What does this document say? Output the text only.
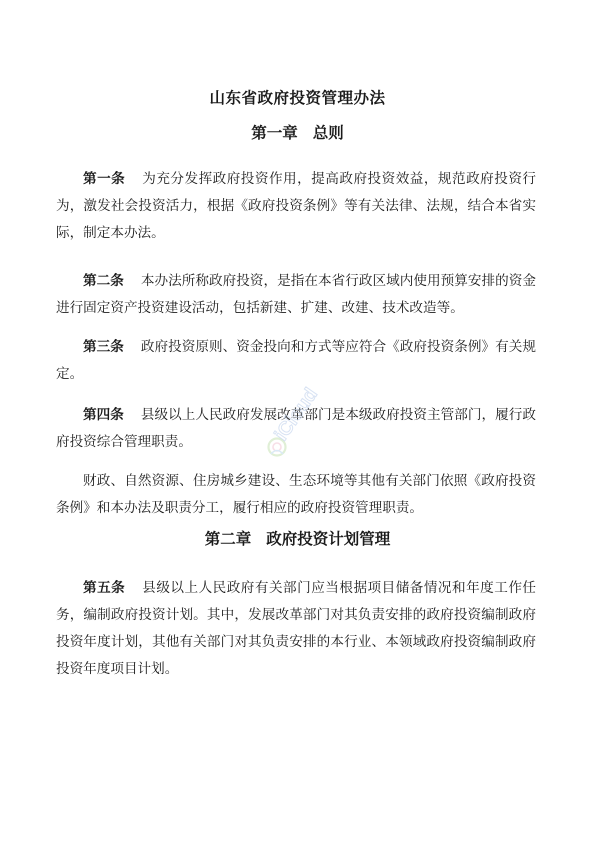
山东省政府投资管理办法
第一章 总则

第一条 为充分发挥政府投资作用，提高政府投资效益，规范政府投资行为，激发社会投资活力，根据《政府投资条例》等有关法律、法规，结合本省实际，制定本办法。

第二条 本办法所称政府投资，是指在本省行政区域内使用预算安排的资金进行固定资产投资建设活动，包括新建、扩建、改建、技术改造等。

第三条 政府投资原则、资金投向和方式等应符合《政府投资条例》有关规定。

第四条 县级以上人民政府发展改革部门是本级政府投资主管部门，履行政府投资综合管理职责。

财政、自然资源、住房城乡建设、生态环境等其他有关部门依照《政府投资条例》和本办法及职责分工，履行相应的政府投资管理职责。

第二章 政府投资计划管理

第五条 县级以上人民政府有关部门应当根据项目储备情况和年度工作任务，编制政府投资计划。其中，发展改革部门对其负责安排的政府投资编制政府投资年度计划，其他有关部门对其负责安排的本行业、本领域政府投资编制政府投资年度项目计划。

iCloud
